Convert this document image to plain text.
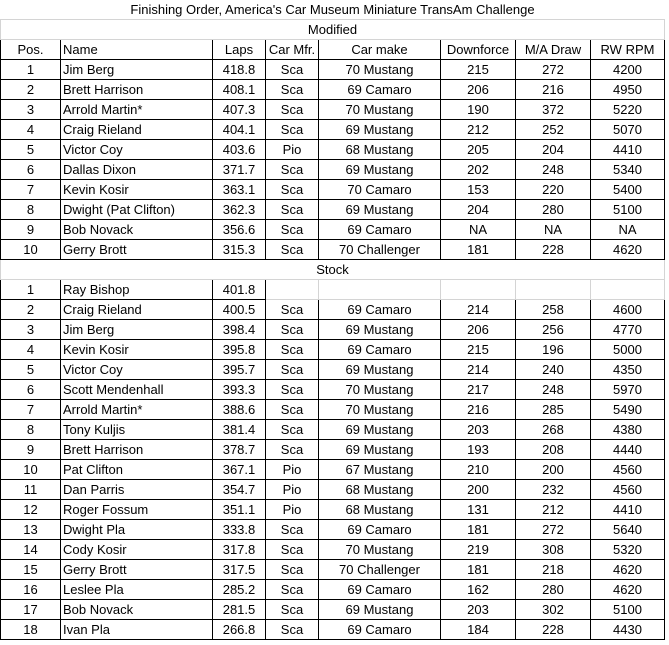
Finishing Order, America's Car Museum Miniature TransAm Challenge							
Modified							
Pos.	Name	Laps	Car Mfr.	Car make	Downforce	M/A Draw	RW RPM
1	Jim Berg	418.8	Sca	70 Mustang	215	272	4200
2	Brett Harrison	408.1	Sca	69 Camaro	206	216	4950
3	Arrold Martin*	407.3	Sca	70 Mustang	190	372	5220
4	Craig Rieland	404.1	Sca	69 Mustang	212	252	5070
5	Victor Coy	403.6	Pio	68 Mustang	205	204	4410
6	Dallas Dixon	371.7	Sca	69 Mustang	202	248	5340
7	Kevin Kosir	363.1	Sca	70 Camaro	153	220	5400
8	Dwight (Pat Clifton)	362.3	Sca	69 Mustang	204	280	5100
9	Bob Novack	356.6	Sca	69 Camaro	NA	NA	NA
10	Gerry Brott	315.3	Sca	70 Challenger	181	228	4620
Stock							
1	Ray Bishop	401.8					
2	Craig Rieland	400.5	Sca	69 Camaro	214	258	4600
3	Jim Berg	398.4	Sca	69 Mustang	206	256	4770
4	Kevin Kosir	395.8	Sca	69 Camaro	215	196	5000
5	Victor Coy	395.7	Sca	69 Mustang	214	240	4350
6	Scott Mendenhall	393.3	Sca	70 Mustang	217	248	5970
7	Arrold Martin*	388.6	Sca	70 Mustang	216	285	5490
8	Tony Kuljis	381.4	Sca	69 Mustang	203	268	4380
9	Brett Harrison	378.7	Sca	69 Mustang	193	208	4440
10	Pat Clifton	367.1	Pio	67 Mustang	210	200	4560
11	Dan Parris	354.7	Pio	68 Mustang	200	232	4560
12	Roger Fossum	351.1	Pio	68 Mustang	131	212	4410
13	Dwight Pla	333.8	Sca	69 Camaro	181	272	5640
14	Cody Kosir	317.8	Sca	70 Mustang	219	308	5320
15	Gerry Brott	317.5	Sca	70 Challenger	181	218	4620
16	Leslee Pla	285.2	Sca	69 Camaro	162	280	4620
17	Bob Novack	281.5	Sca	69 Mustang	203	302	5100
18	Ivan Pla	266.8	Sca	69 Camaro	184	228	4430
